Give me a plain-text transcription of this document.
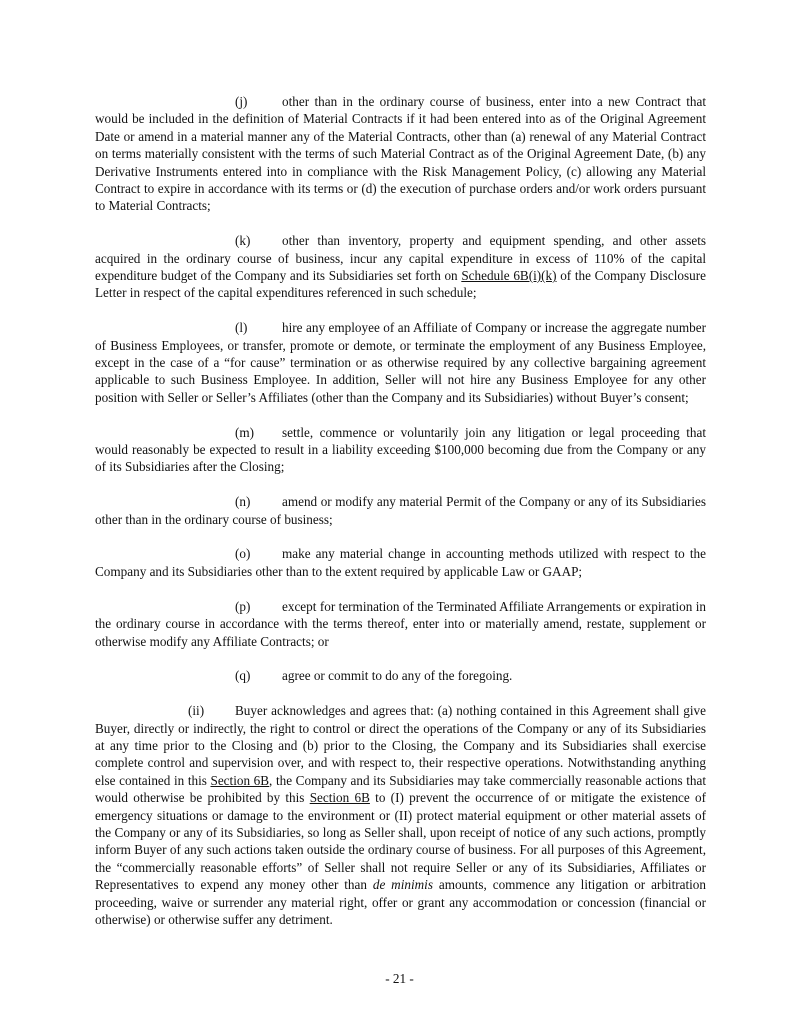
(j)	other than in the ordinary course of business, enter into a new Contract that would be included in the definition of Material Contracts if it had been entered into as of the Original Agreement Date or amend in a material manner any of the Material Contracts, other than (a) renewal of any Material Contract on terms materially consistent with the terms of such Material Contract as of the Original Agreement Date, (b) any Derivative Instruments entered into in compliance with the Risk Management Policy, (c) allowing any Material Contract to expire in accordance with its terms or (d) the execution of purchase orders and/or work orders pursuant to Material Contracts;

(k) other than inventory, property and equipment spending, and other assets acquired in the ordinary course of business, incur any capital expenditure in excess of 110% of the capital expenditure budget of the Company and its Subsidiaries set forth on Schedule 6B(i)(k) of the Company Disclosure Letter in respect of the capital expenditures referenced in such schedule;

(l)	hire any employee of an Affiliate of Company or increase the aggregate number of Business Employees, or transfer, promote or demote, or terminate the employment of any Business Employee, except in the case of a “for cause” termination or as otherwise required by any collective bargaining agreement applicable to such Business Employee. In addition, Seller will not hire any Business Employee for any other position with Seller or Seller’s Affiliates (other than the Company and its Subsidiaries) without Buyer’s consent;

(m) settle, commence or voluntarily join any litigation or legal proceeding that would reasonably be expected to result in a liability exceeding $100,000 becoming due from the Company or any of its Subsidiaries after the Closing;

(n) amend or modify any material Permit of the Company or any of its Subsidiaries other than in the ordinary course of business;

(o) make any material change in accounting methods utilized with respect to the Company and its Subsidiaries other than to the extent required by applicable Law or GAAP;

(p) except for termination of the Terminated Affiliate Arrangements or expiration in the ordinary course in accordance with the terms thereof, enter into or materially amend, restate, supplement or otherwise modify any Affiliate Contracts; or

(q) agree or commit to do any of the foregoing.

(ii) Buyer acknowledges and agrees that: (a) nothing contained in this Agreement shall give Buyer, directly or indirectly, the right to control or direct the operations of the Company or any of its Subsidiaries at any time prior to the Closing and (b) prior to the Closing, the Company and its Subsidiaries shall exercise complete control and supervision over, and with respect to, their respective operations. Notwithstanding anything else contained in this Section 6B, the Company and its Subsidiaries may take commercially reasonable actions that would otherwise be prohibited by this Section 6B to (I) prevent the occurrence of or mitigate the existence of emergency situations or damage to the environment or (II) protect material equipment or other material assets of the Company or any of its Subsidiaries, so long as Seller shall, upon receipt of notice of any such actions, promptly inform Buyer of any such actions taken outside the ordinary course of business. For all purposes of this Agreement, the “commercially reasonable efforts” of Seller shall not require Seller or any of its Subsidiaries, Affiliates or Representatives to expend any money other than de minimis amounts, commence any litigation or arbitration proceeding, waive or surrender any material right, offer or grant any accommodation or concession (financial or otherwise) or otherwise suffer any detriment.

- 21 -
